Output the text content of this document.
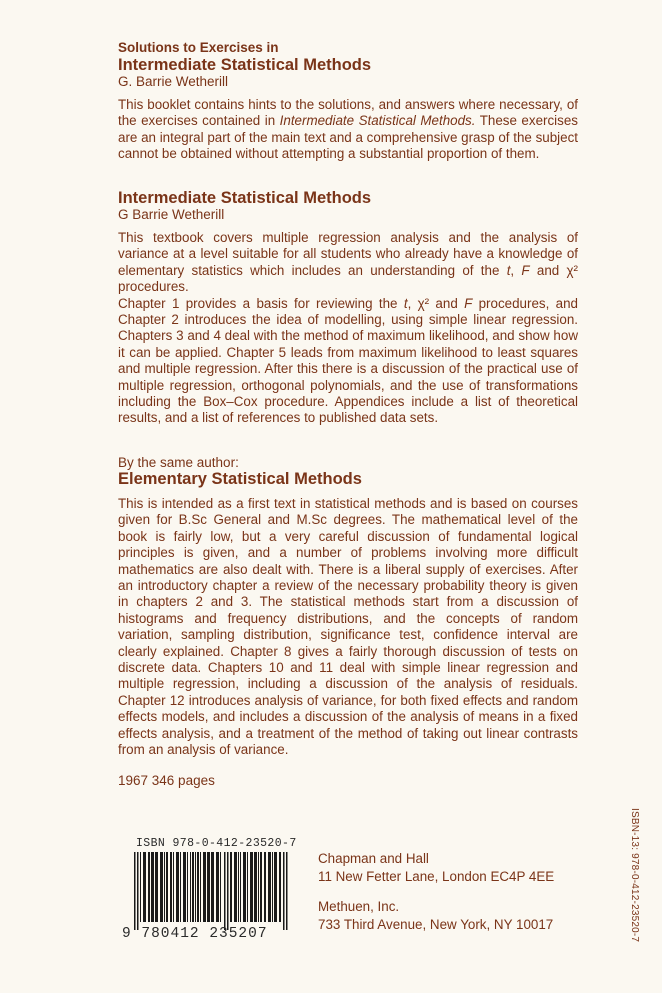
Solutions to Exercises in

Intermediate Statistical Methods

G. Barrie Wetherill

This booklet contains hints to the solutions, and answers where necessary, of the exercises contained in Intermediate Statistical Methods. These exercises are an integral part of the main text and a comprehensive grasp of the subject cannot be obtained without attempting a substantial proportion of them.

Intermediate Statistical Methods

G Barrie Wetherill

This textbook covers multiple regression analysis and the analysis of variance at a level suitable for all students who already have a knowledge of elementary statistics which includes an understanding of the t, F and χ² procedures.

Chapter 1 provides a basis for reviewing the t, χ² and F procedures, and Chapter 2 introduces the idea of modelling, using simple linear regression. Chapters 3 and 4 deal with the method of maximum likelihood, and show how it can be applied. Chapter 5 leads from maximum likelihood to least squares and multiple regression. After this there is a discussion of the practical use of multiple regression, orthogonal polynomials, and the use of transformations including the Box–Cox procedure. Appendices include a list of theoretical results, and a list of references to published data sets.

By the same author:

Elementary Statistical Methods

This is intended as a first text in statistical methods and is based on courses given for B.Sc General and M.Sc degrees. The mathematical level of the book is fairly low, but a very careful discussion of fundamental logical principles is given, and a number of problems involving more difficult mathematics are also dealt with. There is a liberal supply of exercises. After an introductory chapter a review of the necessary probability theory is given in chapters 2 and 3. The statistical methods start from a discussion of histograms and frequency distributions, and the concepts of random variation, sampling distribution, significance test, confidence interval are clearly explained. Chapter 8 gives a fairly thorough discussion of tests on discrete data. Chapters 10 and 11 deal with simple linear regression and multiple regression, including a discussion of the analysis of residuals. Chapter 12 introduces analysis of variance, for both fixed effects and random effects models, and includes a discussion of the analysis of means in a fixed effects analysis, and a treatment of the method of taking out linear contrasts from an analysis of variance.

1967 346 pages

ISBN-13: 978-0-412-23520-7
ISBN 978-0-412-23520-7
9 780412 235207
Chapman and Hall
11 New Fetter Lane, London EC4P 4EE
Methuen, Inc.
733 Third Avenue, New York, NY 10017
